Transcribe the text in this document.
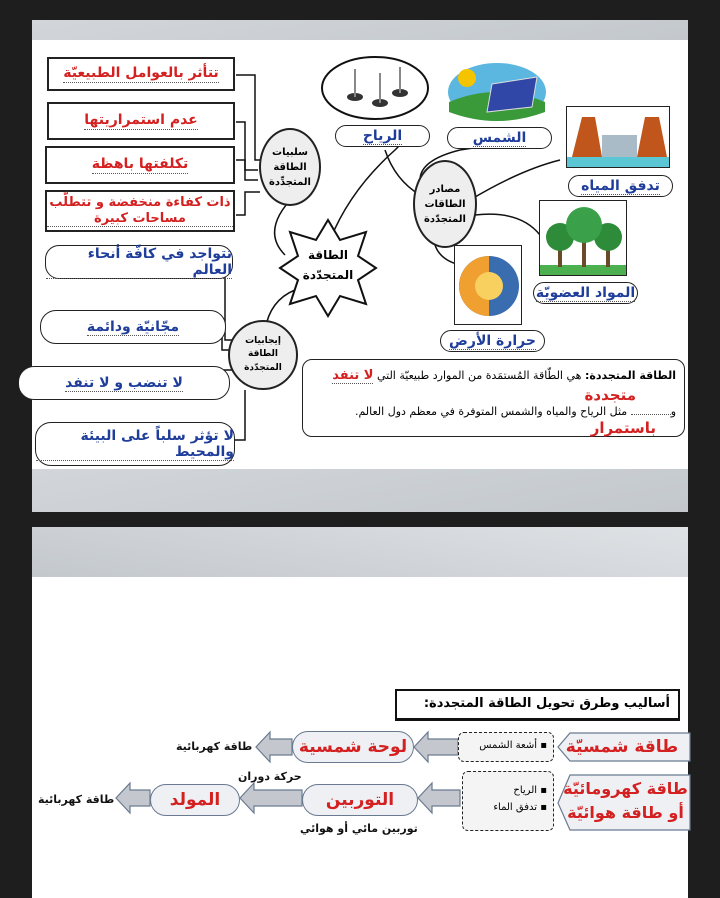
سلبيات الطاقة المتجدِّدة
تتأثر بالعوامل الطبيعيّة
عدم استمراريتها
تكلفتها باهظة
ذات كفاءة منخفضة و تتطلّب مساحات كبيرة
الطاقة المتجدّدة
إيجابيات الطاقة المتجدّدة
تتواجد في كافّة أنحاء العالم
مجّانيّة ودائمة
لا تنضب و لا تنفد
لا تؤثر سلباً على البيئة والمحيط
مصادر الطاقات المتجدّدة
الرياح	الشمس
تدفق المياه
المواد العضويّة
حرارة الأرض
الطاقة المتجددة: هي الطّاقة المُستمَدة من الموارد طبيعيّة التي لا تنفد
متجددة
و مثل الرياح والمياه والشمس المتوفرة في معظم دول العالم.
باستمرار
أساليب وطرق تحويل الطاقة المتجددة:
طاقة شمسيّة
▪ أشعة الشمس
لوحة شمسية
طاقة كهربائية
طاقة كهرومائيّة
أو طاقة هوائيّة
▪ الرياح
▪ تدفق الماء
التوربين
توربين مائي أو هوائي
حركة دوران
المولد
طاقة كهربائية
